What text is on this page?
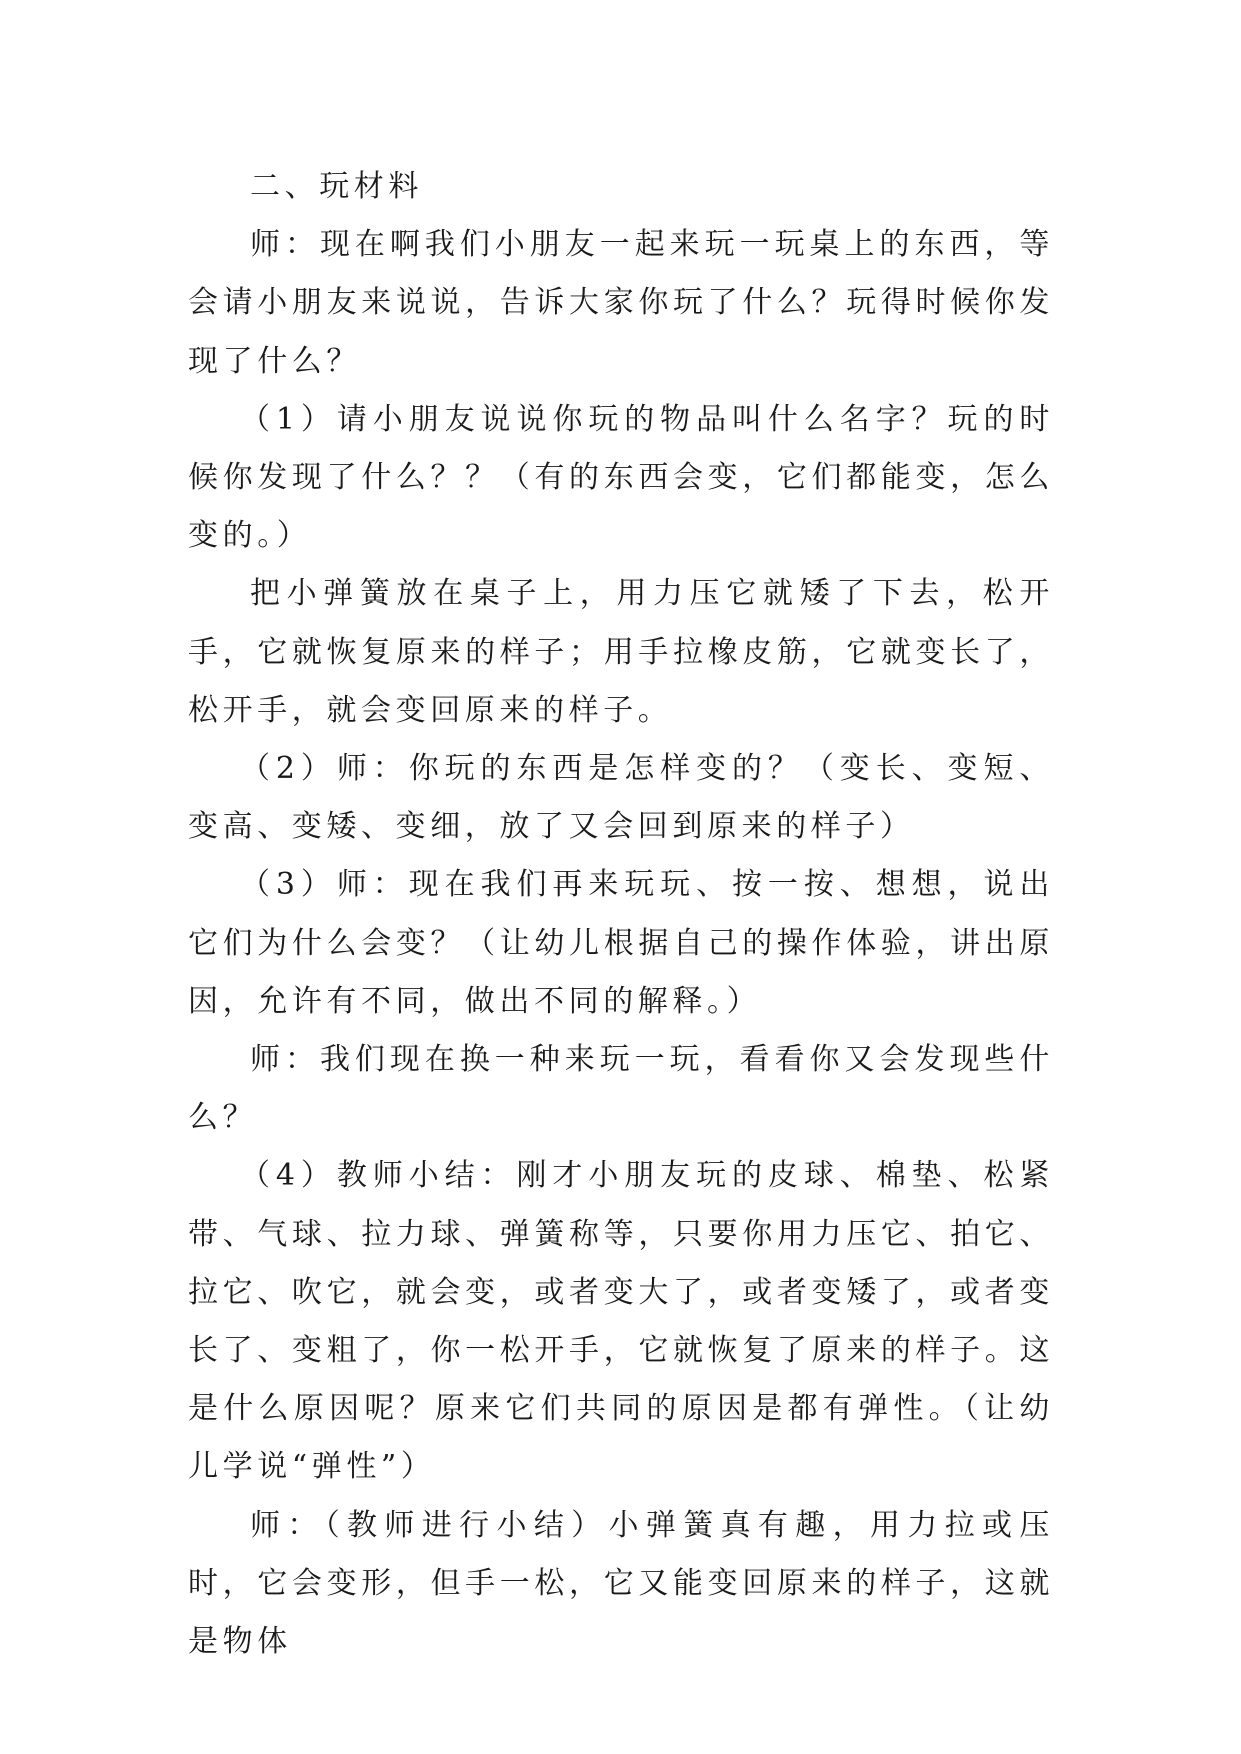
二、玩材料

师：现在啊我们小朋友一起来玩一玩桌上的东西，等会请小朋友来说说，告诉大家你玩了什么？玩得时候你发现了什么？

（1）请小朋友说说你玩的物品叫什么名字？玩的时候你发现了什么？？（有的东西会变，它们都能变，怎么变的。）

把小弹簧放在桌子上，用力压它就矮了下去，松开手，它就恢复原来的样子；用手拉橡皮筋，它就变长了，松开手，就会变回原来的样子。

（2）师：你玩的东西是怎样变的？（变长、变短、变高、变矮、变细，放了又会回到原来的样子）

（3）师：现在我们再来玩玩、按一按、想想，说出它们为什么会变？（让幼儿根据自己的操作体验，讲出原因，允许有不同，做出不同的解释。）

师：我们现在换一种来玩一玩，看看你又会发现些什么？

（4）教师小结：刚才小朋友玩的皮球、棉垫、松紧带、气球、拉力球、弹簧称等，只要你用力压它、拍它、拉它、吹它，就会变，或者变大了，或者变矮了，或者变长了、变粗了，你一松开手，它就恢复了原来的样子。这是什么原因呢？原来它们共同的原因是都有弹性。（让幼儿学说“弹性”）

师：（教师进行小结）小弹簧真有趣，用力拉或压时，它会变形，但手一松，它又能变回原来的样子，这就是物体
